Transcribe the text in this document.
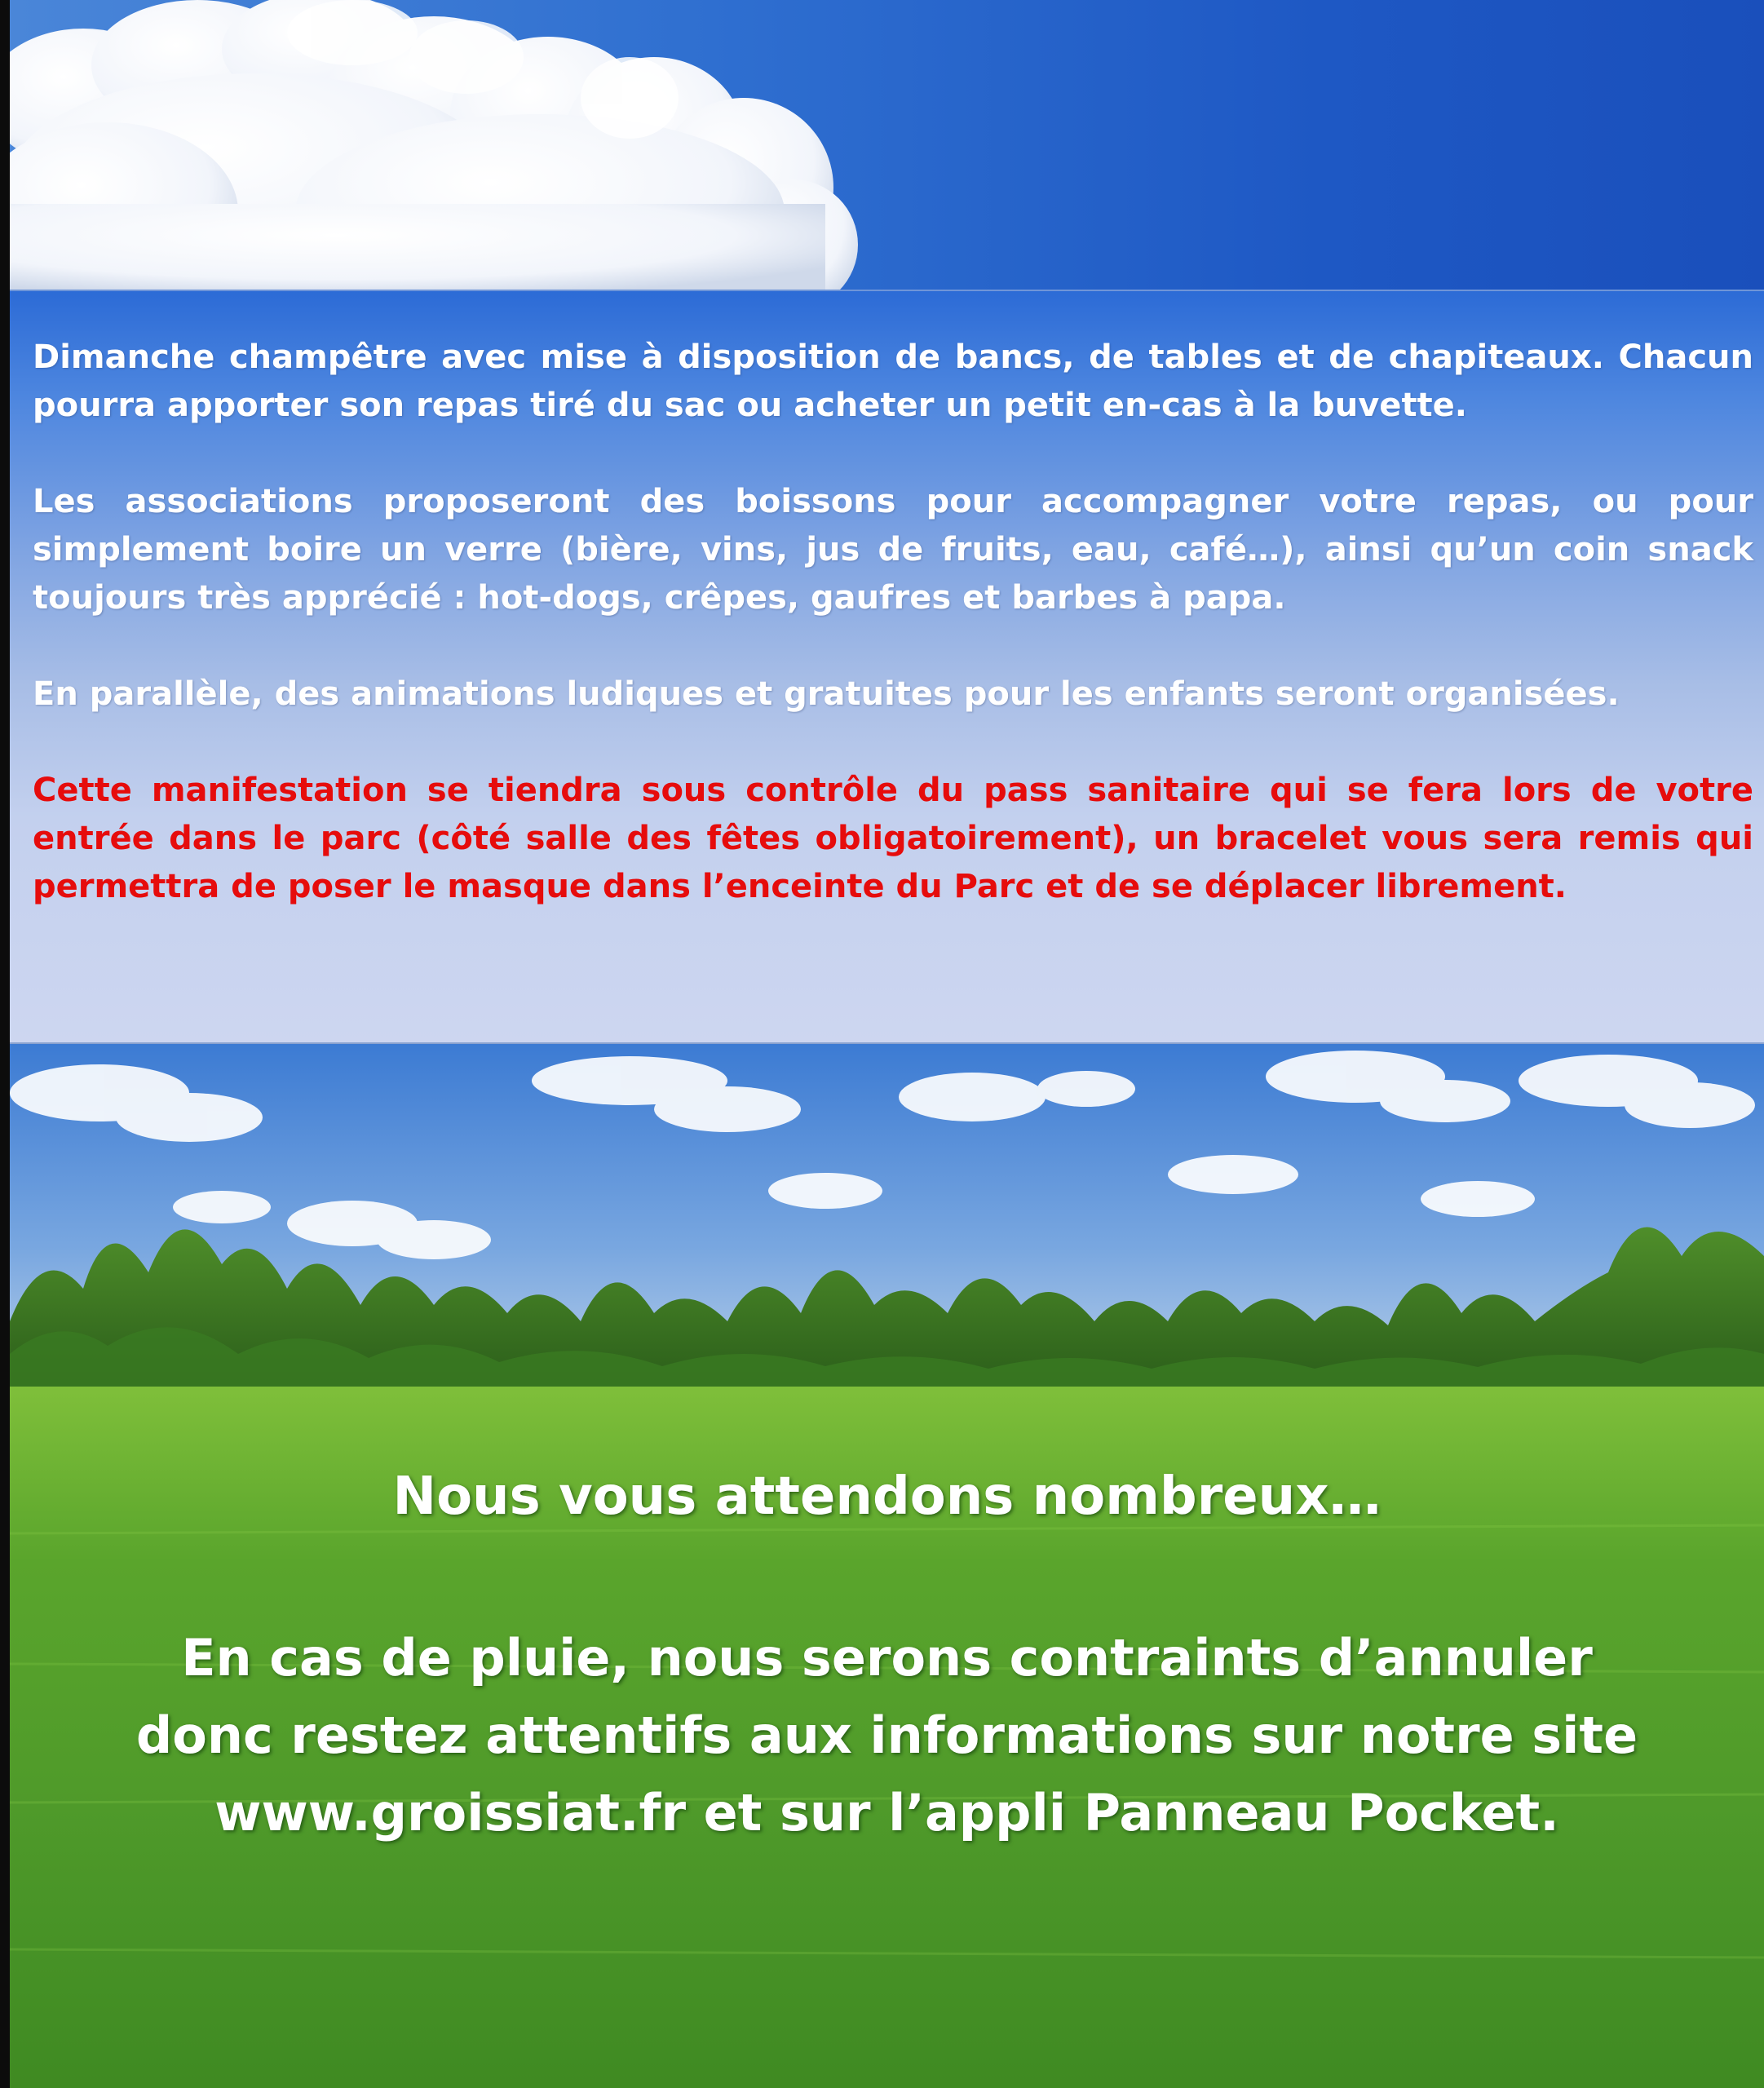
Dimanche champêtre avec mise à disposition de bancs, de tables et de chapiteaux. Chacun pourra apporter son repas tiré du sac ou acheter un petit en-cas à la buvette.

Les associations proposeront des boissons pour accompagner votre repas, ou pour simplement boire un verre (bière, vins, jus de fruits, eau, café…), ainsi qu’un coin snack toujours très apprécié : hot-dogs, crêpes, gaufres et barbes à papa.

En parallèle, des animations ludiques et gratuites pour les enfants seront organisées.

Cette manifestation se tiendra sous contrôle du pass sanitaire qui se fera lors de votre entrée dans le parc (côté salle des fêtes obligatoirement), un bracelet vous sera remis qui permettra de poser le masque dans l’enceinte du Parc et de se déplacer librement.

Nous vous attendons nombreux…
En cas de pluie, nous serons contraints d’annuler
donc restez attentifs aux informations sur notre site
www.groissiat.fr et sur l’appli Panneau Pocket.
